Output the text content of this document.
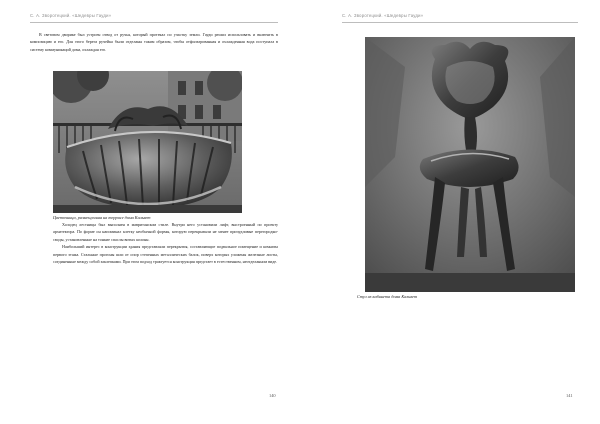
С. А. Зворотецкий. «Шедевры Гауди»

В световом дворике был устроен отвод от ручья, который протекал по участку земли. Гауди решил использовать и включить в композицию и его. Для этого берега ручейка были отделаны таким образом, чтобы отфильтрованная и охлажденная вода поступала в систему коммуникаций дома, охлаждая его.

Цветочница, размещенная на террасе дома Кальвет

Холодец лестницы был выполнен в мавританском стиле. Внутри него установили лифт, выстроенный по проекту архитектора. По форме он напоминал клетку необычной формы, которую перекрывали не менее причудливые перегородки-своды, установленные на тонкие спаслы витых колонн.

Наибольший интерес в конструкции здания представляли перекрытия, составляющие подвальное помещение и комнаты первого этажа. Стальные прогоны шли от опор степенных металлических балок, поверх которых уложены железные листы, соединенные между собой заклепками. При этом подход трактуется конструкция предстает в естественном, неотделанном виде.

140
С. А. Зворотецкий. «Шедевры Гауди»
Стул из кабинета дома Кальвет
141
